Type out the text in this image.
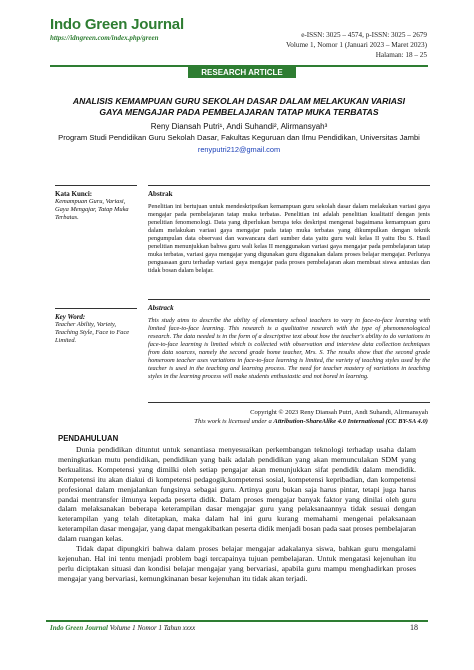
Indo Green Journal
https://idngreen.com/index.php/green	e-ISSN: 3025 – 4574, p-ISSN: 3025 – 2679
Volume 1, Nomor 1 (Januari 2023 – Maret 2023)
Halaman: 18 – 25
RESEARCH ARTICLE
ANALISIS KEMAMPUAN GURU SEKOLAH DASAR DALAM MELAKUKAN VARIASI
GAYA MENGAJAR PADA PEMBELAJARAN TATAP MUKA TERBATAS
Reny Diansah Putri¹, Andi Suhandi², Alirmansyah³
Program Studi Pendidikan Guru Sekolah Dasar, Fakultas Keguruan dan Ilmu Pendidikan, Universitas Jambi
renyputri212@gmail.com
Kata Kunci:
Kemampuan Guru, Variasi, Gaya Mengajar, Tatap Muka Terbatas.
Abstrak
Penelitian ini bertujuan untuk mendeskripsikan kemampuan guru sekolah dasar dalam melakukan variasi gaya mengajar pada pembelajaran tatap muka terbatas. Penelitian ini adalah penelitian kualitatif dengan jenis penelitian fenomenologi. Data yang diperlukan berupa teks deskripsi mengenai bagaimana kemampuan guru dalam melakukan variasi gaya mengajar pada tatap muka terbatas yang dikumpulkan dengan teknik pengumpulan data observasi dan wawancara dari sumber data yaitu guru wali kelas II yaitu Ibu S. Hasil penelitian menunjukkan bahwa guru wali kelas II menggunakan variasi gaya mengajar pada pembelajaran tatap muka terbatas, variasi gaya mengajar yang digunakan guru digunakan dalam proses belajar mengajar. Perlunya penguasaan guru terhadap variasi gaya mengajar pada proses pembelajaran akan membuat siswa antusias dan tidak bosan dalam belajar.
Key Word:
Teacher Ability, Variety, Teaching Style, Face to Face Limited.
Abstrack
This study aims to describe the ability of elementary school teachers to vary in face-to-face learning with limited face-to-face learning. This research is a qualitative research with the type of phenomenological research. The data needed is in the form of a descriptive text about how the teacher's ability to do variations in face-to-face learning is limited which is collected with observation and interview data collection techniques from data sources, namely the second grade home teacher, Mrs. S. The results show that the second grade homeroom teacher uses variations in face-to-face learning is limited, the variety of teaching styles used by the teacher is used in the teaching and learning process. The need for teacher mastery of variations in teaching styles in the learning process will make students enthusiastic and not bored in learning.
Copyright © 2023 Reny Diansah Putri, Andi Suhandi, Alirmansyah
This work is licensed under a Attribution-ShareAlike 4.0 International (CC BY-SA 4.0)
PENDAHULUAN

Dunia pendidikan dituntut untuk senantiasa menyesuaikan perkembangan teknologi terhadap usaha dalam meningkatkan mutu pendidikan, pendidikan yang baik adalah pendidikan yang akan memunculakan SDM yang berkualitas. Kompetensi yang dimilki oleh setiap pengajar akan menunjukkan sifat pendidik dalam mendidik. Kompetensi itu akan diakui di kompetensi pedagogik,kompetensi sosial, kompetensi kepribadian, dan kompetensi profesional dalam menjalankan fungsinya sebagai guru. Artinya guru bukan saja harus pintar, tetapi juga harus pandai mentransfer ilmunya kepada peserta didik. Dalam proses mengajar banyak faktor yang dinilai oleh guru dalam melaksanakan beberapa keterampilan dasar mengajar guru yang pelaksanaannya tidak sesuai dengan keterampilan yang telah ditetapkan, maka dalam hal ini guru kurang memahami mengenai pelaksanaan keterampilan dasar mengajar, yang dapat mengakibatkan peserta didik menjadi bosan pada saat proses pembelajaran dalam ruangan kelas.

Tidak dapat dipungkiri bahwa dalam proses belajar mengajar adakalanya siswa, bahkan guru mengalami kejenuhan. Hal ini tentu menjadi problem bagi tercapainya tujuan pembelajaran. Untuk mengatasi kejenuhan itu perlu diciptakan situasi dan kondisi belajar mengajar yang bervariasi, apabila guru mampu menghadirkan proses mengajar yang bervariasi, kemungkinanan besar kejenuhan itu tidak akan terjadi.

Indo Green Journal Volume 1 Nomor 1 Tahun xxxx	18
